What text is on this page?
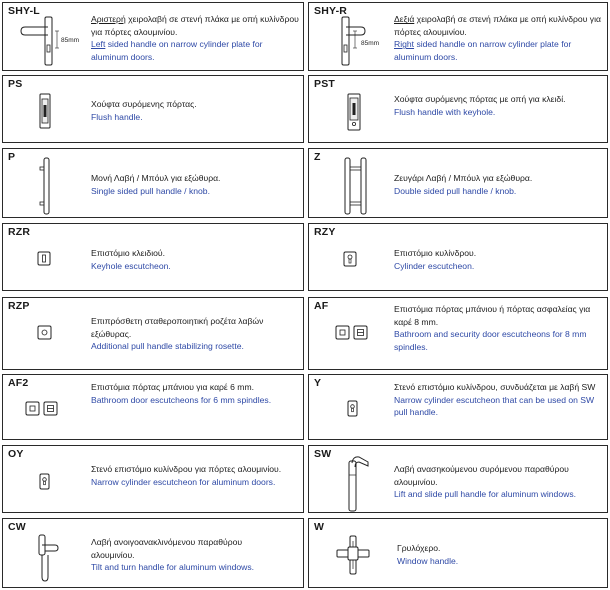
SHY-L
85mm
Αριστερή χειρολαβή σε στενή πλάκα με οπή κυλίνδρου για πόρτες αλουμινίου.
Left sided handle on narrow cylinder plate for aluminum doors.
SHY-R
85mm
Δεξιά χειρολαβή σε στενή πλάκα με οπή κυλίνδρου για πόρτες αλουμινίου.
Right sided handle on narrow cylinder plate for aluminum doors.
PS
Χούφτα συρόμενης πόρτας.
Flush handle.
PST
Χούφτα συρόμενης πόρτας με οπή για κλειδί.
Flush handle with keyhole.
P
Μονή Λαβή / Μπόυλ για εξώθυρα.
Single sided pull handle / knob.
Z
Ζευγάρι Λαβή / Μπόυλ για εξώθυρα.
Double sided pull handle / knob.
RZR
Επιστόμιο κλειδιού.
Keyhole escutcheon.
RZY
Επιστόμιο κυλίνδρου.
Cylinder escutcheon.
RZP
Επιπρόσθετη σταθεροποιητική ροζέτα λαβών εξώθυρας.
Additional pull handle stabilizing rosette.
AF	Επιστόμια πόρτας μπάνιου ή πόρτας ασφαλείας για καρέ 8 mm.
Bathroom and security door escutcheons for 8 mm spindles.
AF2	Επιστόμια πόρτας μπάνιου για καρέ 6 mm.
Bathroom door escutcheons for 6 mm spindles.
Y	Στενό επιστόμιο κυλίνδρου, συνδυάζεται με λαβή SW
Narrow cylinder escutcheon that can be used on SW pull handle.
OY
Στενό επιστόμιο κυλίνδρου για πόρτες αλουμινίου.
Narrow cylinder escutcheon for aluminum doors.
SW
Λαβή ανασηκούμενου συρόμενου παραθύρου αλουμινίου.
Lift and slide pull handle for aluminum windows.
CW
Λαβή ανοιγοανακλινόμενου παραθύρου αλουμινίου.
Tilt and turn handle for aluminum windows.
W
Γρυλόχερο.
Window handle.
